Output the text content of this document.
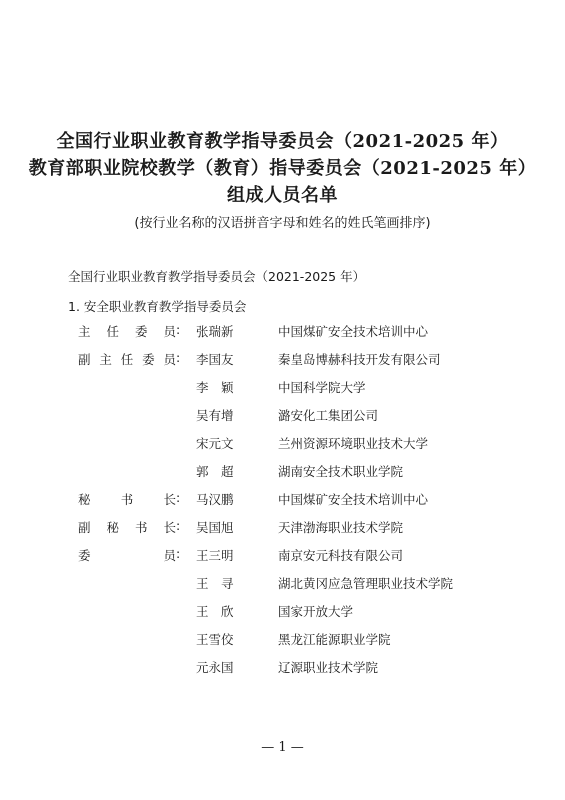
全国行业职业教育教学指导委员会（2021-2025 年）
教育部职业院校教学（教育）指导委员会（2021-2025 年）
组成人员名单
(按行业名称的汉语拼音字母和姓名的姓氏笔画排序)
全国行业职业教育教学指导委员会（2021-2025 年）
1. 安全职业教育教学指导委员会
主任委员 : 张瑞新	中国煤矿安全技术培训中心
副主任委员 : 李国友	秦皇岛博赫科技开发有限公司
李　颖	中国科学院大学
吴有增	潞安化工集团公司
宋元文	兰州资源环境职业技术大学
郭　超	湖南安全技术职业学院
秘书长 : 马汉鹏	中国煤矿安全技术培训中心
副秘书长 : 吴国旭	天津渤海职业技术学院
委员 : 王三明	南京安元科技有限公司
王　寻	湖北黄冈应急管理职业技术学院
王　欣	国家开放大学
王雪佼	黑龙江能源职业学院
元永国	辽源职业技术学院
— 1 —
